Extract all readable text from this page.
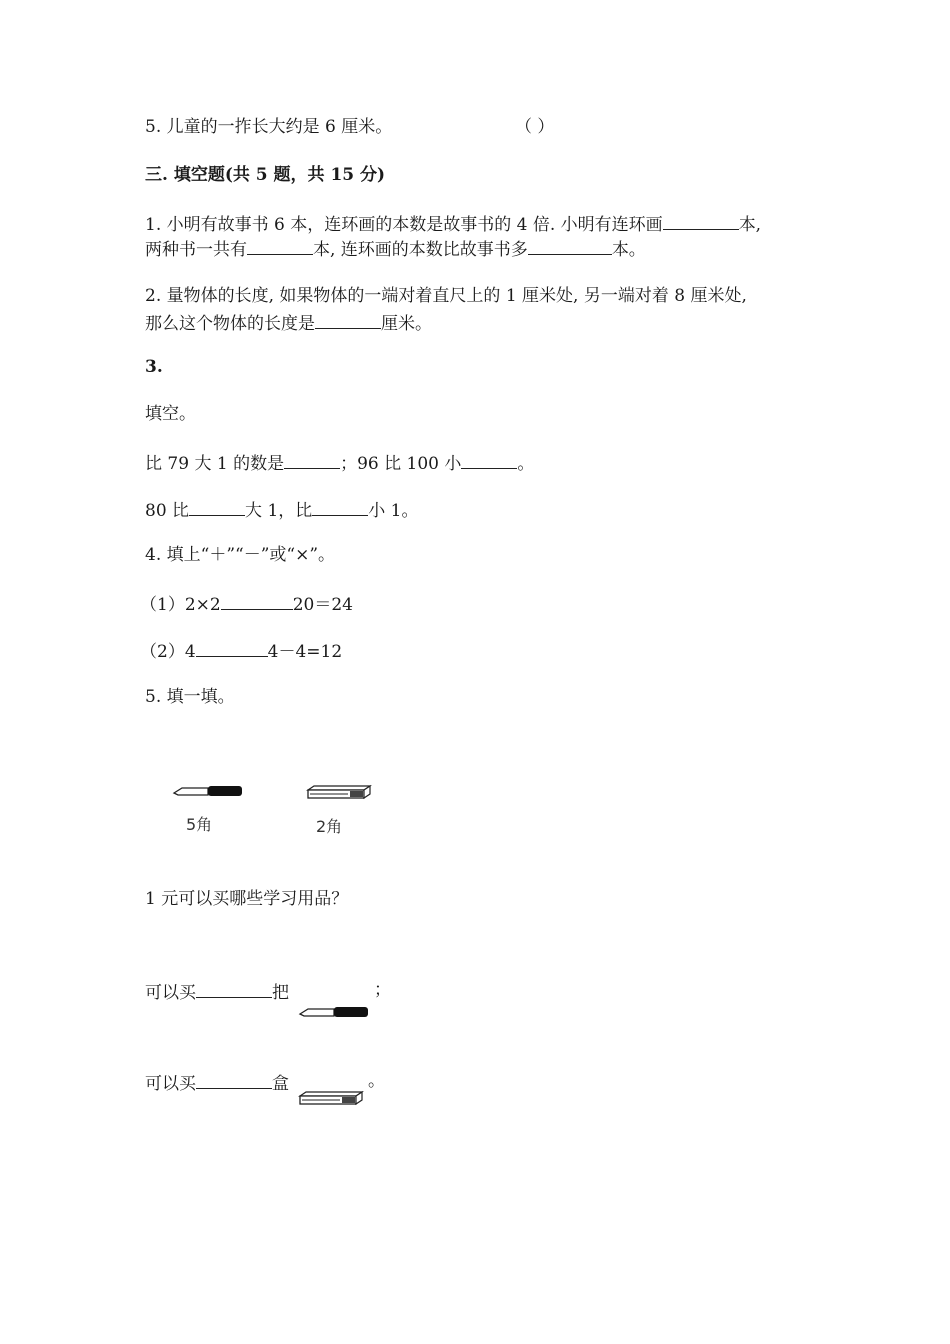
5. 儿童的一拃长大约是 6 厘米。	（ ）
三. 填空题(共 5 题，共 15 分)
1. 小明有故事书 6 本，连环画的本数是故事书的 4 倍. 小明有连环画	本,
两种书一共有	本, 连环画的本数比故事书多	本。
2. 量物体的长度, 如果物体的一端对着直尺上的 1 厘米处, 另一端对着 8 厘米处,
那么这个物体的长度是	厘米。
3.
填空。
比 79 大 1 的数是	；96 比 100 小	。
80 比	大 1，比	小 1。
4. 填上“＋”“－”或“×”。
（1）2×2	20＝24
（2）4	4－4=12
5. 填一填。
5角	2角
1 元可以买哪些学习用品？
可以买	把	；
可以买	盒	。
